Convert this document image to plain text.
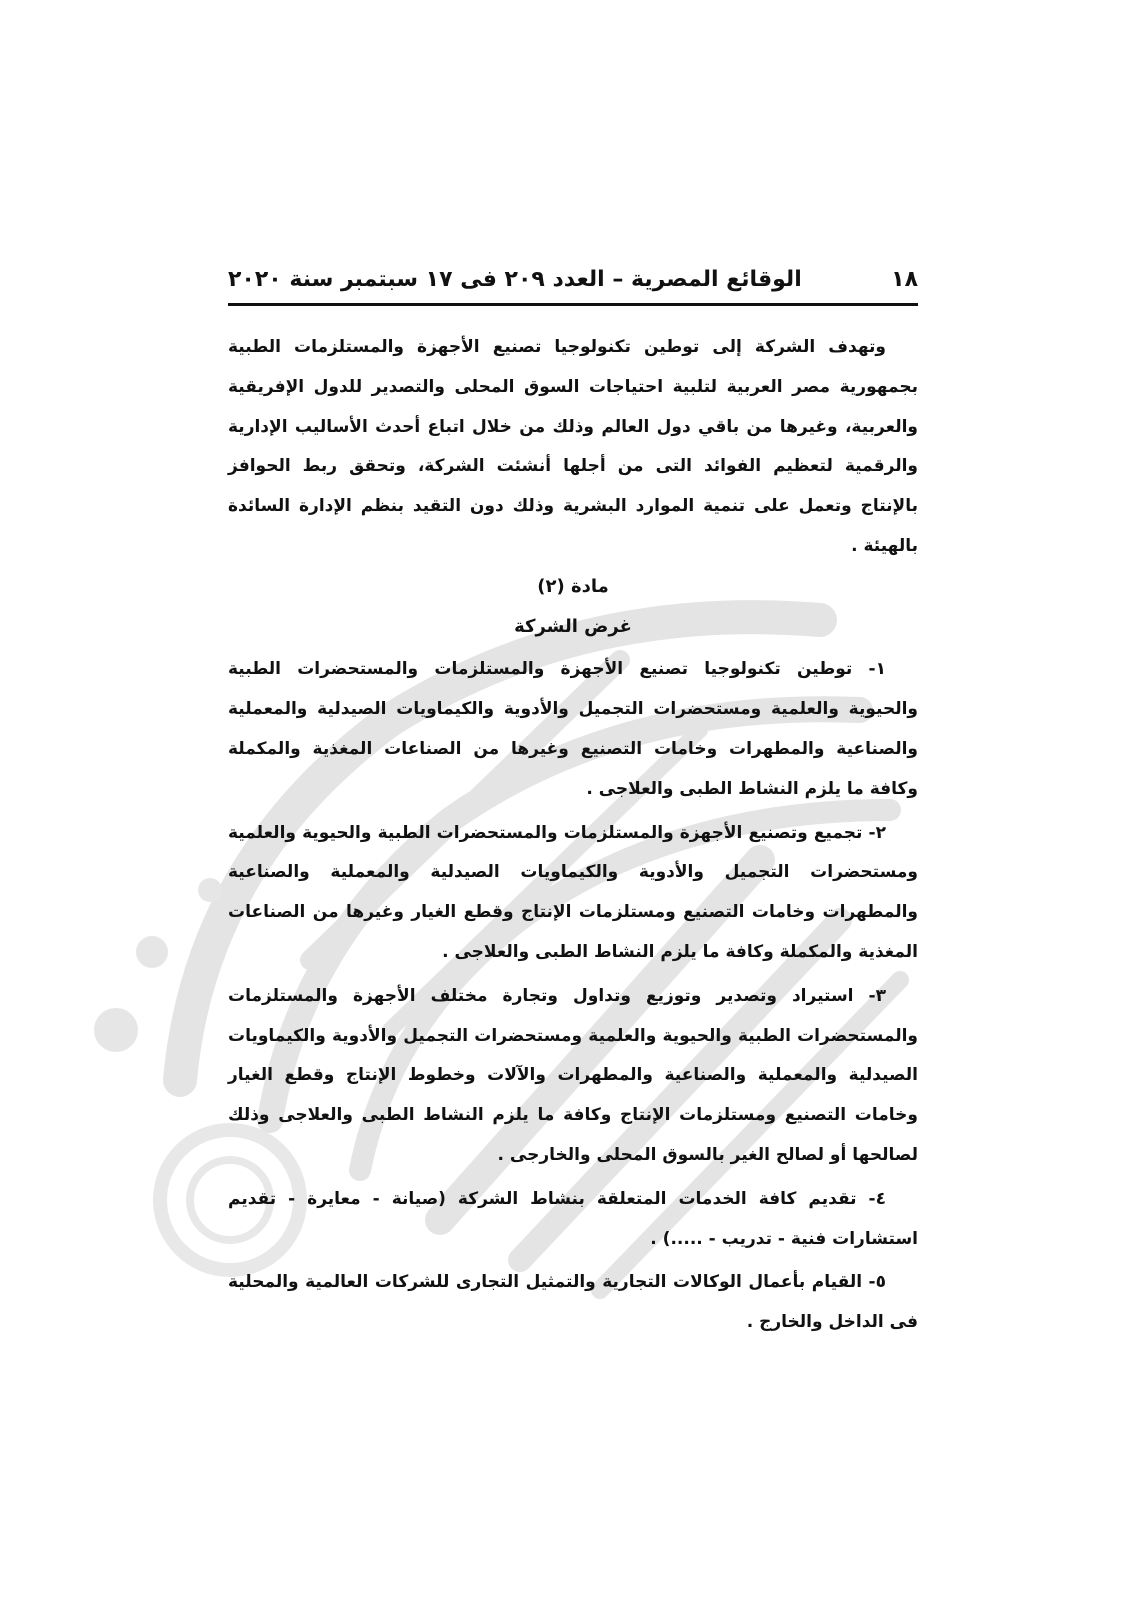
١٨
الوقائع المصرية – العدد ٢٠٩ فى ١٧ سبتمبر سنة ٢٠٢٠

وتهدف الشركة إلى توطين تكنولوجيا تصنيع الأجهزة والمستلزمات الطبية بجمهورية مصر العربية لتلبية احتياجات السوق المحلى والتصدير للدول الإفريقية والعربية، وغيرها من باقي دول العالم وذلك من خلال اتباع أحدث الأساليب الإدارية والرقمية لتعظيم الفوائد التى من أجلها أنشئت الشركة، وتحقق ربط الحوافز بالإنتاج وتعمل على تنمية الموارد البشرية وذلك دون التقيد بنظم الإدارة السائدة بالهيئة .

مادة (٢)
غرض الشركة

١- توطين تكنولوجيا تصنيع الأجهزة والمستلزمات والمستحضرات الطبية والحيوية والعلمية ومستحضرات التجميل والأدوية والكيماويات الصيدلية والمعملية والصناعية والمطهرات وخامات التصنيع وغيرها من الصناعات المغذية والمكملة وكافة ما يلزم النشاط الطبى والعلاجى .

٢- تجميع وتصنيع الأجهزة والمستلزمات والمستحضرات الطبية والحيوية والعلمية ومستحضرات التجميل والأدوية والكيماويات الصيدلية والمعملية والصناعية والمطهرات وخامات التصنيع ومستلزمات الإنتاج وقطع الغيار وغيرها من الصناعات المغذية والمكملة وكافة ما يلزم النشاط الطبى والعلاجى .

٣- استيراد وتصدير وتوزيع وتداول وتجارة مختلف الأجهزة والمستلزمات والمستحضرات الطبية والحيوية والعلمية ومستحضرات التجميل والأدوية والكيماويات الصيدلية والمعملية والصناعية والمطهرات والآلات وخطوط الإنتاج وقطع الغيار وخامات التصنيع ومستلزمات الإنتاج وكافة ما يلزم النشاط الطبى والعلاجى وذلك لصالحها أو لصالح الغير بالسوق المحلى والخارجى .

٤- تقديم كافة الخدمات المتعلقة بنشاط الشركة (صيانة - معايرة - تقديم استشارات فنية - تدريب - .....) .

٥- القيام بأعمال الوكالات التجارية والتمثيل التجارى للشركات العالمية والمحلية فى الداخل والخارج .
